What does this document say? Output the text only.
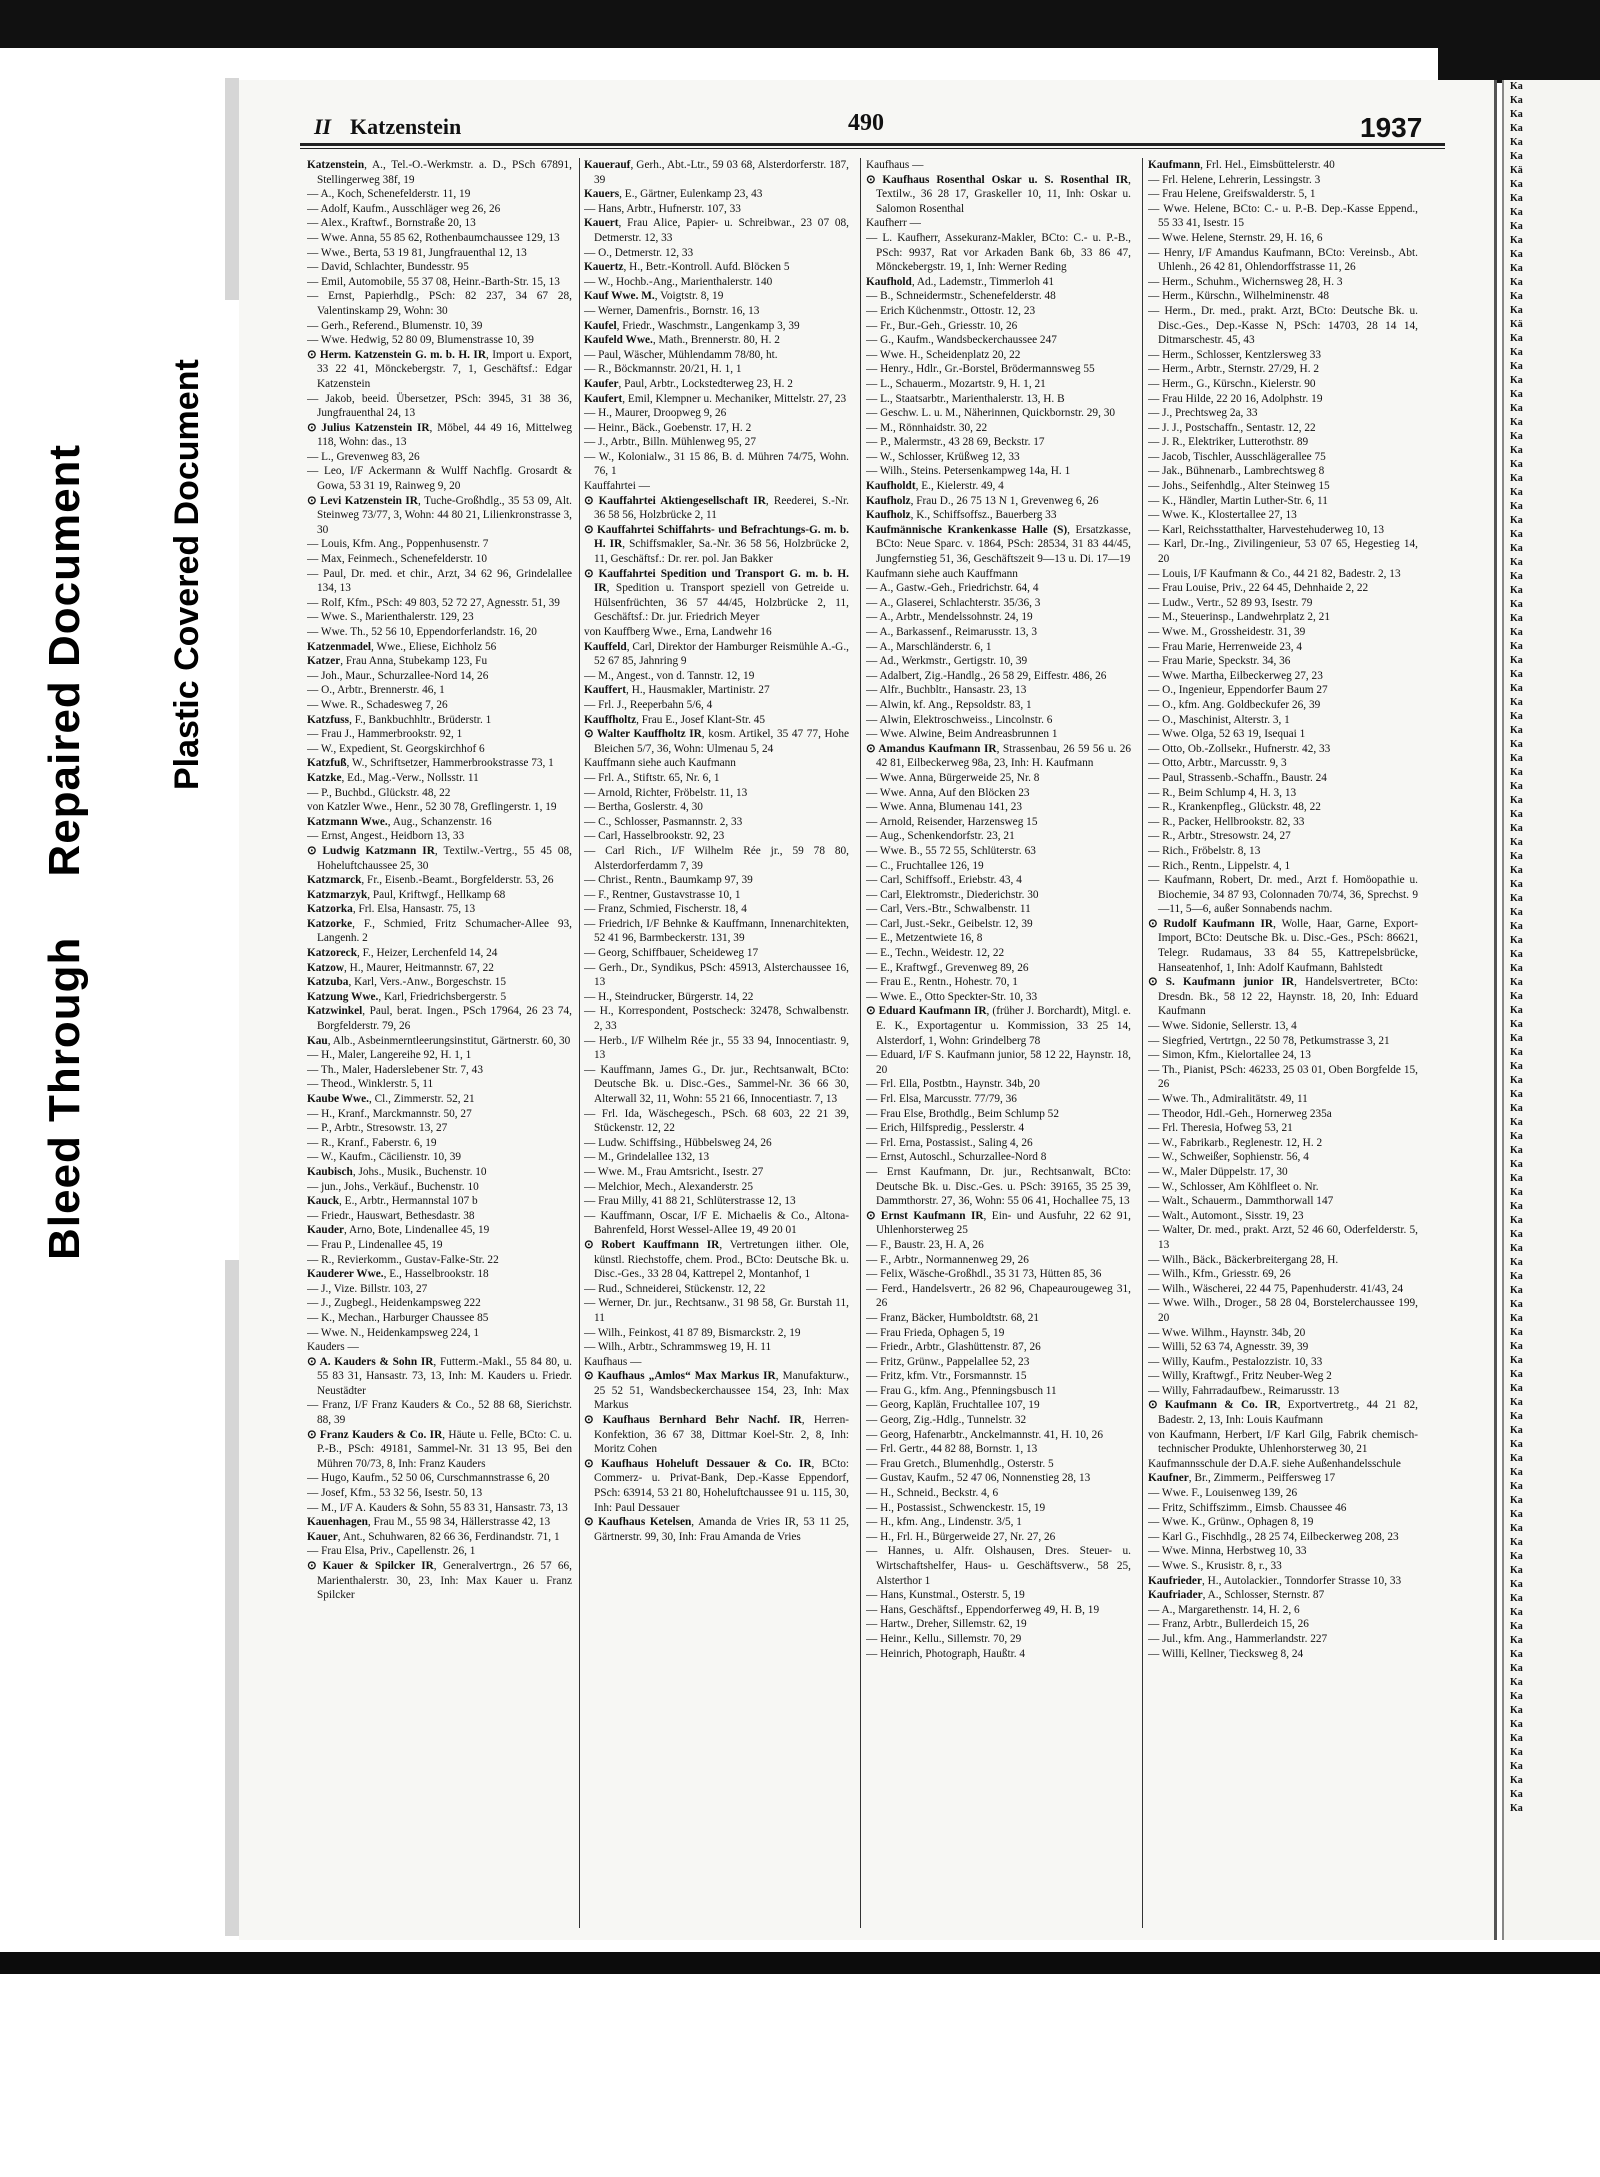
Bleed ThroughRepaired Document Plastic Covered Document
Ka
Ka
Ka
Ka
Ka
Ka
Kä
Ka
Ka
Ka
Ka
Ka
Ka
Ka
Ka
Ka
Ka
Kä
Ka
Ka
Ka
Ka
Ka
Ka
Ka
Ka
Ka
Ka
Ka
Ka
Ka
Ka
Ka
Ka
Ka
Ka
Ka
Ka
Ka
Ka
Ka
Ka
Ka
Ka
Ka
Ka
Ka
Ka
Ka
Ka
Ka
Ka
Ka
Ka
Ka
Ka
Ka
Ka
Ka
Ka
Ka
Ka
Ka
Ka
Ka
Ka
Ka
Ka
Ka
Ka
Ka
Ka
Ka
Ka
Ka
Ka
Ka
Ka
Ka
Ka
Ka
Ka
Ka
Ka
Ka
Ka
Ka
Ka
Ka
Ka
Ka
Ka
Ka
Ka
Ka
Ka
Ka
Ka
Ka
Ka
Ka
Ka
Ka
Ka
Ka
Ka
Ka
Ka
Ka
Ka
Ka
Ka
Ka
Ka
Ka
Ka
Ka
Ka
Ka
Ka
Ka
Ka
Ka
Ka
II Katzenstein	490	1937
Katzenstein, A., Tel.-O.-Werkmstr. a. D., PSch 67891, Stellingerweg 38f, 19
— A., Koch, Schenefelderstr. 11, 19
— Adolf, Kaufm., Ausschläger weg 26, 26
— Alex., Kraftwf., Bornstraße 20, 13
— Wwe. Anna, 55 85 62, Rothenbaumchaussee 129, 13
— Wwe., Berta, 53 19 81, Jungfrauenthal 12, 13
— David, Schlachter, Bundesstr. 95
— Emil, Automobile, 55 37 08, Heinr.-Barth-Str. 15, 13
— Ernst, Papierhdlg., PSch: 82 237, 34 67 28, Valentinskamp 29, Wohn: 30
— Gerh., Referend., Blumenstr. 10, 39
— Wwe. Hedwig, 52 80 09, Blumenstrasse 10, 39
⊙ Herm. Katzenstein G. m. b. H. IR, Import u. Export, 33 22 41, Mönckebergstr. 7, 1, Geschäftsf.: Edgar Katzenstein
— Jakob, beeid. Übersetzer, PSch: 3945, 31 38 36, Jungfrauenthal 24, 13
⊙ Julius Katzenstein IR, Möbel, 44 49 16, Mittelweg 118, Wohn: das., 13
— L., Grevenweg 83, 26
— Leo, I/F Ackermann & Wulff Nachflg. Grosardt & Gowa, 53 31 19, Rainweg 9, 20
⊙ Levi Katzenstein IR, Tuche-Großhdlg., 35 53 09, Alt. Steinweg 73/77, 3, Wohn: 44 80 21, Lilienkronstrasse 3, 30
— Louis, Kfm. Ang., Poppenhusenstr. 7
— Max, Feinmech., Schenefelderstr. 10
— Paul, Dr. med. et chir., Arzt, 34 62 96, Grindelallee 134, 13
— Rolf, Kfm., PSch: 49 803, 52 72 27, Agnesstr. 51, 39
— Wwe. S., Marienthalerstr. 129, 23
— Wwe. Th., 52 56 10, Eppendorferlandstr. 16, 20
Katzenmadel, Wwe., Eliese, Eichholz 56
Katzer, Frau Anna, Stubekamp 123, Fu
— Joh., Maur., Schurzallee-Nord 14, 26
— O., Arbtr., Brennerstr. 46, 1
— Wwe. R., Schadesweg 7, 26
Katzfuss, F., Bankbuchhltr., Brüderstr. 1
— Frau J., Hammerbrookstr. 92, 1
— W., Expedient, St. Georgskirchhof 6
Katzfuß, W., Schriftsetzer, Hammerbrookstrasse 73, 1
Katzke, Ed., Mag.-Verw., Nollsstr. 11
— P., Buchbd., Glückstr. 48, 22
von Katzler Wwe., Henr., 52 30 78, Greflingerstr. 1, 19
Katzmann Wwe., Aug., Schanzenstr. 16
— Ernst, Angest., Heidborn 13, 33
⊙ Ludwig Katzmann IR, Textilw.-Vertrg., 55 45 08, Hoheluftchaussee 25, 30
Katzmarck, Fr., Eisenb.-Beamt., Borgfelderstr. 53, 26
Katzmarzyk, Paul, Kriftwgf., Hellkamp 68
Katzorka, Frl. Elsa, Hansastr. 75, 13
Katzorke, F., Schmied, Fritz Schumacher-Allee 93, Langenh. 2
Katzoreck, F., Heizer, Lerchenfeld 14, 24
Katzow, H., Maurer, Heitmannstr. 67, 22
Katzuba, Karl, Vers.-Anw., Borgeschstr. 15
Katzung Wwe., Karl, Friedrichsbergerstr. 5
Katzwinkel, Paul, berat. Ingen., PSch 17964, 26 23 74, Borgfelderstr. 79, 26
Kau, Alb., Asbeinmerntleerungsinstitut, Gärtnerstr. 60, 30
— H., Maler, Langereihe 92, H. 1, 1
— Th., Maler, Haderslebener Str. 7, 43
— Theod., Winklerstr. 5, 11
Kaube Wwe., Cl., Zimmerstr. 52, 21
— H., Kranf., Marckmannstr. 50, 27
— P., Arbtr., Stresowstr. 13, 27
— R., Kranf., Faberstr. 6, 19
— W., Kaufm., Cäcilienstr. 10, 39
Kaubisch, Johs., Musik., Buchenstr. 10
— jun., Johs., Verkäuf., Buchenstr. 10
Kauck, E., Arbtr., Hermannstal 107 b
— Friedr., Hauswart, Bethesdastr. 38
Kauder, Arno, Bote, Lindenallee 45, 19
— Frau P., Lindenallee 45, 19
— R., Revierkomm., Gustav-Falke-Str. 22
Kauderer Wwe., E., Hasselbrookstr. 18
— J., Vize. Billstr. 103, 27
— J., Zugbegl., Heidenkampsweg 222
— K., Mechan., Harburger Chaussee 85
— Wwe. N., Heidenkampsweg 224, 1
Kauders —
⊙ A. Kauders & Sohn IR, Futterm.-Makl., 55 84 80, u. 55 83 31, Hansastr. 73, 13, Inh: M. Kauders u. Friedr. Neustädter
— Franz, I/F Franz Kauders & Co., 52 88 68, Sierichstr. 88, 39
⊙ Franz Kauders & Co. IR, Häute u. Felle, BCto: C. u. P.-B., PSch: 49181, Sammel-Nr. 31 13 95, Bei den Mühren 70/73, 8, Inh: Franz Kauders
— Hugo, Kaufm., 52 50 06, Curschmannstrasse 6, 20
— Josef, Kfm., 53 32 56, Isestr. 50, 13
— M., I/F A. Kauders & Sohn, 55 83 31, Hansastr. 73, 13
Kauenhagen, Frau M., 55 98 34, Hällerstrasse 42, 13
Kauer, Ant., Schuhwaren, 82 66 36, Ferdinandstr. 71, 1
— Frau Elsa, Priv., Capellenstr. 26, 1
⊙ Kauer & Spilcker IR, Generalvertrgn., 26 57 66, Marienthalerstr. 30, 23, Inh: Max Kauer u. Franz Spilcker
Kauerauf, Gerh., Abt.-Ltr., 59 03 68, Alsterdorferstr. 187, 39
Kauers, E., Gärtner, Eulenkamp 23, 43
— Hans, Arbtr., Hufnerstr. 107, 33
Kauert, Frau Alice, Papier- u. Schreibwar., 23 07 08, Detmerstr. 12, 33
— O., Detmerstr. 12, 33
Kauertz, H., Betr.-Kontroll. Aufd. Blöcken 5
— W., Hochb.-Ang., Marienthalerstr. 140
Kauf Wwe. M., Voigtstr. 8, 19
— Werner, Damenfris., Bornstr. 16, 13
Kaufel, Friedr., Waschmstr., Langenkamp 3, 39
Kaufeld Wwe., Math., Brennerstr. 80, H. 2
— Paul, Wäscher, Mühlendamm 78/80, ht.
— R., Böckmannstr. 20/21, H. 1, 1
Kaufer, Paul, Arbtr., Lockstedterweg 23, H. 2
Kaufert, Emil, Klempner u. Mechaniker, Mittelstr. 27, 23
— H., Maurer, Droopweg 9, 26
— Heinr., Bäck., Goebenstr. 17, H. 2
— J., Arbtr., Billn. Mühlenweg 95, 27
— W., Kolonialw., 31 15 86, B. d. Mühren 74/75, Wohn. 76, 1
Kauffahrtei —
⊙ Kauffahrtei Aktiengesellschaft IR, Reederei, S.-Nr. 36 58 56, Holzbrücke 2, 11
⊙ Kauffahrtei Schiffahrts- und Befrachtungs-G. m. b. H. IR, Schiffsmakler, Sa.-Nr. 36 58 56, Holzbrücke 2, 11, Geschäftsf.: Dr. rer. pol. Jan Bakker
⊙ Kauffahrtei Spedition und Transport G. m. b. H. IR, Spedition u. Transport speziell von Getreide u. Hülsenfrüchten, 36 57 44/45, Holzbrücke 2, 11, Geschäftsf.: Dr. jur. Friedrich Meyer
von Kauffberg Wwe., Erna, Landwehr 16
Kauffeld, Carl, Direktor der Hamburger Reismühle A.-G., 52 67 85, Jahnring 9
— M., Angest., von d. Tannstr. 12, 19
Kauffert, H., Hausmakler, Martinistr. 27
— Frl. J., Reeperbahn 5/6, 4
Kauffholtz, Frau E., Josef Klant-Str. 45
⊙ Walter Kauffholtz IR, kosm. Artikel, 35 47 77, Hohe Bleichen 5/7, 36, Wohn: Ulmenau 5, 24
Kauffmann siehe auch Kaufmann
— Frl. A., Stiftstr. 65, Nr. 6, 1
— Arnold, Richter, Fröbelstr. 11, 13
— Bertha, Goslerstr. 4, 30
— C., Schlosser, Pasmannstr. 2, 33
— Carl, Hasselbrookstr. 92, 23
— Carl Rich., I/F Wilhelm Rée jr., 59 78 80, Alsterdorferdamm 7, 39
— Christ., Rentn., Baumkamp 97, 39
— F., Rentner, Gustavstrasse 10, 1
— Franz, Schmied, Fischerstr. 18, 4
— Friedrich, I/F Behnke & Kauffmann, Innenarchitekten, 52 41 96, Barmbeckerstr. 131, 39
— Georg, Schiffbauer, Scheideweg 17
— Gerh., Dr., Syndikus, PSch: 45913, Alsterchaussee 16, 13
— H., Steindrucker, Bürgerstr. 14, 22
— H., Korrespondent, Postscheck: 32478, Schwalbenstr. 2, 33
— Herb., I/F Wilhelm Rée jr., 55 33 94, Innocentiastr. 9, 13
— Kauffmann, James G., Dr. jur., Rechtsanwalt, BCto: Deutsche Bk. u. Disc.-Ges., Sammel-Nr. 36 66 30, Alterwall 32, 11, Wohn: 55 21 66, Innocentiastr. 7, 13
— Frl. Ida, Wäschegesch., PSch. 68 603, 22 21 39, Stückenstr. 12, 22
— Ludw. Schiffsing., Hübbelsweg 24, 26
— M., Grindelallee 132, 13
— Wwe. M., Frau Amtsricht., Isestr. 27
— Melchior, Mech., Alexanderstr. 25
— Frau Milly, 41 88 21, Schlüterstrasse 12, 13
— Kauffmann, Oscar, I/F E. Michaelis & Co., Altona-Bahrenfeld, Horst Wessel-Allee 19, 49 20 01
⊙ Robert Kauffmann IR, Vertretungen iither. Ole, künstl. Riechstoffe, chem. Prod., BCto: Deutsche Bk. u. Disc.-Ges., 33 28 04, Kattrepel 2, Montanhof, 1
— Rud., Schneiderei, Stückenstr. 12, 22
— Werner, Dr. jur., Rechtsanw., 31 98 58, Gr. Burstah 11, 11
— Wilh., Feinkost, 41 87 89, Bismarckstr. 2, 19
— Wilh., Arbtr., Schrammsweg 19, H. 11
Kaufhaus —
⊙ Kaufhaus „Amlos“ Max Markus IR, Manufakturw., 25 52 51, Wandsbeckerchaussee 154, 23, Inh: Max Markus
⊙ Kaufhaus Bernhard Behr Nachf. IR, Herren-Konfektion, 36 67 38, Dittmar Koel-Str. 2, 8, Inh: Moritz Cohen
⊙ Kaufhaus Hoheluft Dessauer & Co. IR, BCto: Commerz- u. Privat-Bank, Dep.-Kasse Eppendorf, PSch: 63914, 53 21 80, Hoheluftchaussee 91 u. 115, 30, Inh: Paul Dessauer
⊙ Kaufhaus Ketelsen, Amanda de Vries IR, 53 11 25, Gärtnerstr. 99, 30, Inh: Frau Amanda de Vries
Kaufhaus —
⊙ Kaufhaus Rosenthal Oskar u. S. Rosenthal IR, Textilw., 36 28 17, Graskeller 10, 11, Inh: Oskar u. Salomon Rosenthal
Kaufherr —
— L. Kaufherr, Assekuranz-Makler, BCto: C.- u. P.-B., PSch: 9937, Rat vor Arkaden Bank 6b, 33 86 47, Mönckebergstr. 19, 1, Inh: Werner Reding
Kaufhold, Ad., Lademstr., Timmerloh 41
— B., Schneidermstr., Schenefelderstr. 48
— Erich Küchenmstr., Ottostr. 12, 23
— Fr., Bur.-Geh., Griesstr. 10, 26
— G., Kaufm., Wandsbeckerchaussee 247
— Wwe. H., Scheidenplatz 20, 22
— Henry., Hdlr., Gr.-Borstel, Brödermannsweg 55
— L., Schauerm., Mozartstr. 9, H. 1, 21
— L., Staatsarbtr., Marienthalerstr. 13, H. B
— Geschw. L. u. M., Näherinnen, Quickbornstr. 29, 30
— M., Rönnhaidstr. 30, 22
— P., Malermstr., 43 28 69, Beckstr. 17
— W., Schlosser, Krüßweg 12, 33
— Wilh., Steins. Petersenkampweg 14a, H. 1
Kaufholdt, E., Kielerstr. 49, 4
Kaufholz, Frau D., 26 75 13 N 1, Grevenweg 6, 26
Kaufholz, K., Schiffsoffsz., Bauerberg 33
Kaufmännische Krankenkasse Halle (S), Ersatzkasse, BCto: Neue Sparc. v. 1864, PSch: 28534, 31 83 44/45, Jungfernstieg 51, 36, Geschäftszeit 9—13 u. Di. 17—19
Kaufmann siehe auch Kauffmann
— A., Gastw.-Geh., Friedrichstr. 64, 4
— A., Glaserei, Schlachterstr. 35/36, 3
— A., Arbtr., Mendelssohnstr. 24, 19
— A., Barkassenf., Reimarusstr. 13, 3
— A., Marschländerstr. 6, 1
— Ad., Werkmstr., Gertigstr. 10, 39
— Adalbert, Zig.-Handlg., 26 58 29, Eiffestr. 486, 26
— Alfr., Buchbltr., Hansastr. 23, 13
— Alwin, kf. Ang., Repsoldstr. 83, 1
— Alwin, Elektroschweiss., Lincolnstr. 6
— Wwe. Alwine, Beim Andreasbrunnen 1
⊙ Amandus Kaufmann IR, Strassenbau, 26 59 56 u. 26 42 81, Eilbeckerweg 98a, 23, Inh: H. Kaufmann
— Wwe. Anna, Bürgerweide 25, Nr. 8
— Wwe. Anna, Auf den Blöcken 23
— Wwe. Anna, Blumenau 141, 23
— Arnold, Reisender, Harzensweg 15
— Aug., Schenkendorfstr. 23, 21
— Wwe. B., 55 72 55, Schlüterstr. 63
— C., Fruchtallee 126, 19
— Carl, Schiffsoff., Eriebstr. 43, 4
— Carl, Elektromstr., Diederichstr. 30
— Carl, Vers.-Btr., Schwalbenstr. 11
— Carl, Just.-Sekr., Geibelstr. 12, 39
— E., Metzentwiete 16, 8
— E., Techn., Weidestr. 12, 22
— E., Kraftwgf., Grevenweg 89, 26
— Frau E., Rentn., Hohestr. 70, 1
— Wwe. E., Otto Speckter-Str. 10, 33
⊙ Eduard Kaufmann IR, (früher J. Borchardt), Mitgl. e. E. K., Exportagentur u. Kommission, 33 25 14, Alsterdorf, 1, Wohn: Grindelberg 78
— Eduard, I/F S. Kaufmann junior, 58 12 22, Haynstr. 18, 20
— Frl. Ella, Postbtn., Haynstr. 34b, 20
— Frl. Elsa, Marcusstr. 77/79, 36
— Frau Else, Brothdlg., Beim Schlump 52
— Erich, Hilfspredig., Pesslerstr. 4
— Frl. Erna, Postassist., Saling 4, 26
— Ernst, Autoschl., Schurzallee-Nord 8
— Ernst Kaufmann, Dr. jur., Rechtsanwalt, BCto: Deutsche Bk. u. Disc.-Ges. u. PSch: 39165, 35 25 39, Dammthorstr. 27, 36, Wohn: 55 06 41, Hochallee 75, 13
⊙ Ernst Kaufmann IR, Ein- und Ausfuhr, 22 62 91, Uhlenhorsterweg 25
— F., Baustr. 23, H. A, 26
— F., Arbtr., Normannenweg 29, 26
— Felix, Wäsche-Großhdl., 35 31 73, Hütten 85, 36
— Ferd., Handelsvertr., 26 82 96, Chapeaurougeweg 31, 26
— Franz, Bäcker, Humboldtstr. 68, 21
— Frau Frieda, Ophagen 5, 19
— Friedr., Arbtr., Glashüttenstr. 87, 26
— Fritz, Grünw., Pappelallee 52, 23
— Fritz, kfm. Vtr., Forsmannstr. 15
— Frau G., kfm. Ang., Pfenningsbusch 11
— Georg, Kaplän, Fruchtallee 107, 19
— Georg, Zig.-Hdlg., Tunnelstr. 32
— Georg, Hafenarbtr., Anckelmannstr. 41, H. 10, 26
— Frl. Gertr., 44 82 88, Bornstr. 1, 13
— Frau Gretch., Blumenhdlg., Osterstr. 5
— Gustav, Kaufm., 52 47 06, Nonnenstieg 28, 13
— H., Schneid., Beckstr. 4, 6
— H., Postassist., Schwenckestr. 15, 19
— H., kfm. Ang., Lindenstr. 3/5, 1
— H., Frl. H., Bürgerweide 27, Nr. 27, 26
— Hannes, u. Alfr. Olshausen, Dres. Steuer- u. Wirtschaftshelfer, Haus- u. Geschäftsverw., 58 25, Alsterthor 1
— Hans, Kunstmal., Osterstr. 5, 19
— Hans, Geschäftsf., Eppendorferweg 49, H. B, 19
— Hartw., Dreher, Sillemstr. 62, 19
— Heinr., Kellu., Sillemstr. 70, 29
— Heinrich, Photograph, Haußtr. 4
Kaufmann, Frl. Hel., Eimsbüttelerstr. 40
— Frl. Helene, Lehrerin, Lessingstr. 3
— Frau Helene, Greifswalderstr. 5, 1
— Wwe. Helene, BCto: C.- u. P.-B. Dep.-Kasse Eppend., 55 33 41, Isestr. 15
— Wwe. Helene, Sternstr. 29, H. 16, 6
— Henry, I/F Amandus Kaufmann, BCto: Vereinsb., Abt. Uhlenh., 26 42 81, Ohlendorffstrasse 11, 26
— Herm., Schuhm., Wichernsweg 28, H. 3
— Herm., Kürschn., Wilhelminenstr. 48
— Herm., Dr. med., prakt. Arzt, BCto: Deutsche Bk. u. Disc.-Ges., Dep.-Kasse N, PSch: 14703, 28 14 14, Ditmarschestr. 45, 43
— Herm., Schlosser, Kentzlersweg 33
— Herm., Arbtr., Sternstr. 27/29, H. 2
— Herm., G., Kürschn., Kielerstr. 90
— Frau Hilde, 22 20 16, Adolphstr. 19
— J., Prechtsweg 2a, 33
— J. J., Postschaffn., Sentastr. 12, 22
— J. R., Elektriker, Lutterothstr. 89
— Jacob, Tischler, Ausschlägerallee 75
— Jak., Bühnenarb., Lambrechtsweg 8
— Johs., Seifenhdlg., Alter Steinweg 15
— K., Händler, Martin Luther-Str. 6, 11
— Wwe. K., Klostertallee 27, 13
— Karl, Reichsstatthalter, Harvestehuderweg 10, 13
— Karl, Dr.-Ing., Zivilingenieur, 53 07 65, Hegestieg 14, 20
— Louis, I/F Kaufmann & Co., 44 21 82, Badestr. 2, 13
— Frau Louise, Priv., 22 64 45, Dehnhaide 2, 22
— Ludw., Vertr., 52 89 93, Isestr. 79
— M., Steuerinsp., Landwehrplatz 2, 21
— Wwe. M., Grossheidestr. 31, 39
— Frau Marie, Herrenweide 23, 4
— Frau Marie, Speckstr. 34, 36
— Wwe. Martha, Eilbeckerweg 27, 23
— O., Ingenieur, Eppendorfer Baum 27
— O., kfm. Ang. Goldbeckufer 26, 39
— O., Maschinist, Alterstr. 3, 1
— Wwe. Olga, 52 63 19, Isequai 1
— Otto, Ob.-Zollsekr., Hufnerstr. 42, 33
— Otto, Arbtr., Marcusstr. 9, 3
— Paul, Strassenb.-Schaffn., Baustr. 24
— R., Beim Schlump 4, H. 3, 13
— R., Krankenpfleg., Glückstr. 48, 22
— R., Packer, Hellbrookstr. 82, 33
— R., Arbtr., Stresowstr. 24, 27
— Rich., Fröbelstr. 8, 13
— Rich., Rentn., Lippelstr. 4, 1
— Kaufmann, Robert, Dr. med., Arzt f. Homöopathie u. Biochemie, 34 87 93, Colonnaden 70/74, 36, Sprechst. 9—11, 5—6, außer Sonnabends nachm.
⊙ Rudolf Kaufmann IR, Wolle, Haar, Garne, Export-Import, BCto: Deutsche Bk. u. Disc.-Ges., PSch: 86621, Telegr. Rudamaus, 33 84 55, Kattrepelsbrücke, Hanseatenhof, 1, Inh: Adolf Kaufmann, Bahlstedt
⊙ S. Kaufmann junior IR, Handelsvertreter, BCto: Dresdn. Bk., 58 12 22, Haynstr. 18, 20, Inh: Eduard Kaufmann
— Wwe. Sidonie, Sellerstr. 13, 4
— Siegfried, Vertrtgn., 22 50 78, Petkumstrasse 3, 21
— Simon, Kfm., Kielortallee 24, 13
— Th., Pianist, PSch: 46233, 25 03 01, Oben Borgfelde 15, 26
— Wwe. Th., Admiralitätstr. 49, 11
— Theodor, Hdl.-Geh., Hornerweg 235a
— Frl. Theresia, Hofweg 53, 21
— W., Fabrikarb., Reglenestr. 12, H. 2
— W., Schweißer, Sophienstr. 56, 4
— W., Maler Düppelstr. 17, 30
— W., Schlosser, Am Köhlfleet o. Nr.
— Walt., Schauerm., Dammthorwall 147
— Walt., Automont., Sisstr. 19, 23
— Walter, Dr. med., prakt. Arzt, 52 46 60, Oderfelderstr. 5, 13
— Wilh., Bäck., Bäckerbreitergang 28, H.
— Wilh., Kfm., Griesstr. 69, 26
— Wilh., Wäscherei, 22 44 75, Papenhuderstr. 41/43, 24
— Wwe. Wilh., Droger., 58 28 04, Borstelerchaussee 199, 20
— Wwe. Wilhm., Haynstr. 34b, 20
— Willi, 52 63 74, Agnesstr. 39, 39
— Willy, Kaufm., Pestalozzistr. 10, 33
— Willy, Kraftwgf., Fritz Neuber-Weg 2
— Willy, Fahrradaufbew., Reimarusstr. 13
⊙ Kaufmann & Co. IR, Exportvertretg., 44 21 82, Badestr. 2, 13, Inh: Louis Kaufmann
von Kaufmann, Herbert, I/F Karl Gilg, Fabrik chemisch-technischer Produkte, Uhlenhorsterweg 30, 21
Kaufmannsschule der D.A.F. siehe Außenhandelsschule
Kaufner, Br., Zimmerm., Peiffersweg 17
— Wwe. F., Louisenweg 139, 26
— Fritz, Schiffszimm., Eimsb. Chaussee 46
— Wwe. K., Grünw., Ophagen 8, 19
— Karl G., Fischhdlg., 28 25 74, Eilbeckerweg 208, 23
— Wwe. Minna, Herbstweg 10, 33
— Wwe. S., Krusistr. 8, r., 33
Kaufrieder, H., Autolackier., Tonndorfer Strasse 10, 33
Kaufriader, A., Schlosser, Sternstr. 87
— A., Margarethenstr. 14, H. 2, 6
— Franz, Arbtr., Bullerdeich 15, 26
— Jul., kfm. Ang., Hammerlandstr. 227
— Willi, Kellner, Tiecksweg 8, 24
